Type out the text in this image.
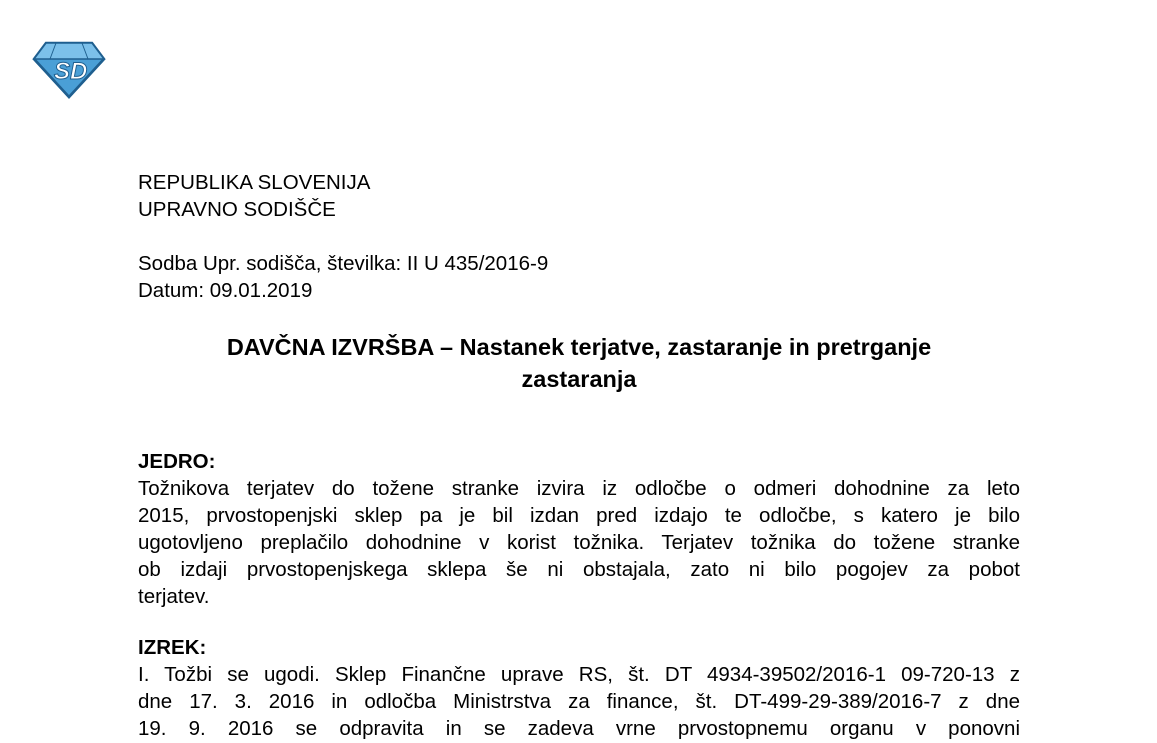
S D
REPUBLIKA SLOVENIJA
UPRAVNO SODIŠČE
Sodba Upr. sodišča, številka: II U 435/2016-9
Datum: 09.01.2019
DAVČNA IZVRŠBA – Nastanek terjatve, zastaranje in pretrganje
zastaranja
JEDRO:
Tožnikova terjatev do tožene stranke izvira iz odločbe o odmeri dohodnine za leto
2015, prvostopenjski sklep pa je bil izdan pred izdajo te odločbe, s katero je bilo
ugotovljeno preplačilo dohodnine v korist tožnika. Terjatev tožnika do tožene stranke
ob izdaji prvostopenjskega sklepa še ni obstajala, zato ni bilo pogojev za pobot
terjatev.
IZREK:
I. Tožbi se ugodi. Sklep Finančne uprave RS, št. DT 4934-39502/2016-1 09-720-13 z
dne 17. 3. 2016 in odločba Ministrstva za finance, št. DT-499-29-389/2016-7 z dne
19. 9. 2016 se odpravita in se zadeva vrne prvostopnemu organu v ponovni
